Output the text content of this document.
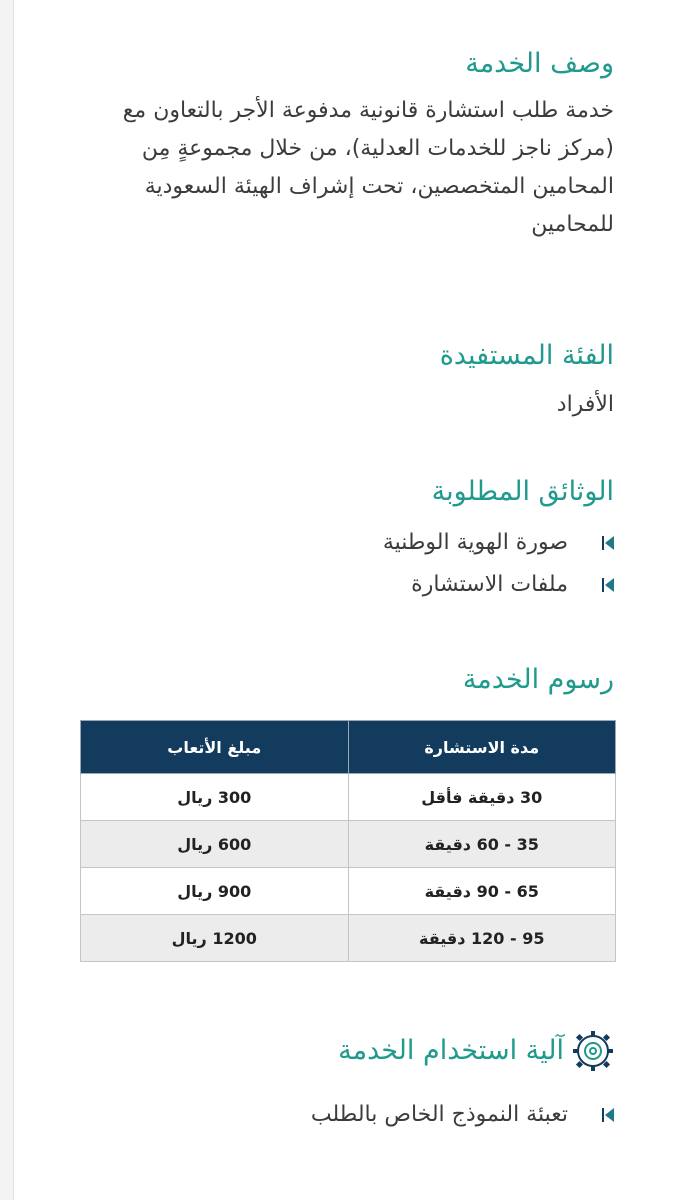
وصف الخدمة

خدمة طلب استشارة قانونية مدفوعة الأجر بالتعاون مع (مركز ناجز للخدمات العدلية)، من خلال مجموعةٍ مِن المحامين المتخصصين، تحت إشراف الهيئة السعودية للمحامين

الفئة المستفيدة

الأفراد

الوثائق المطلوبة
صورة الهوية الوطنية
ملفات الاستشارة
رسوم الخدمة
مدة الاستشارة	مبلغ الأتعاب
30 دقيقة فأقل	300 ريال
35 - 60 دقيقة	600 ريال
65 - 90 دقيقة	900 ريال
95 - 120 دقيقة	1200 ريال
آلية استخدام الخدمة
تعبئة النموذج الخاص بالطلب
